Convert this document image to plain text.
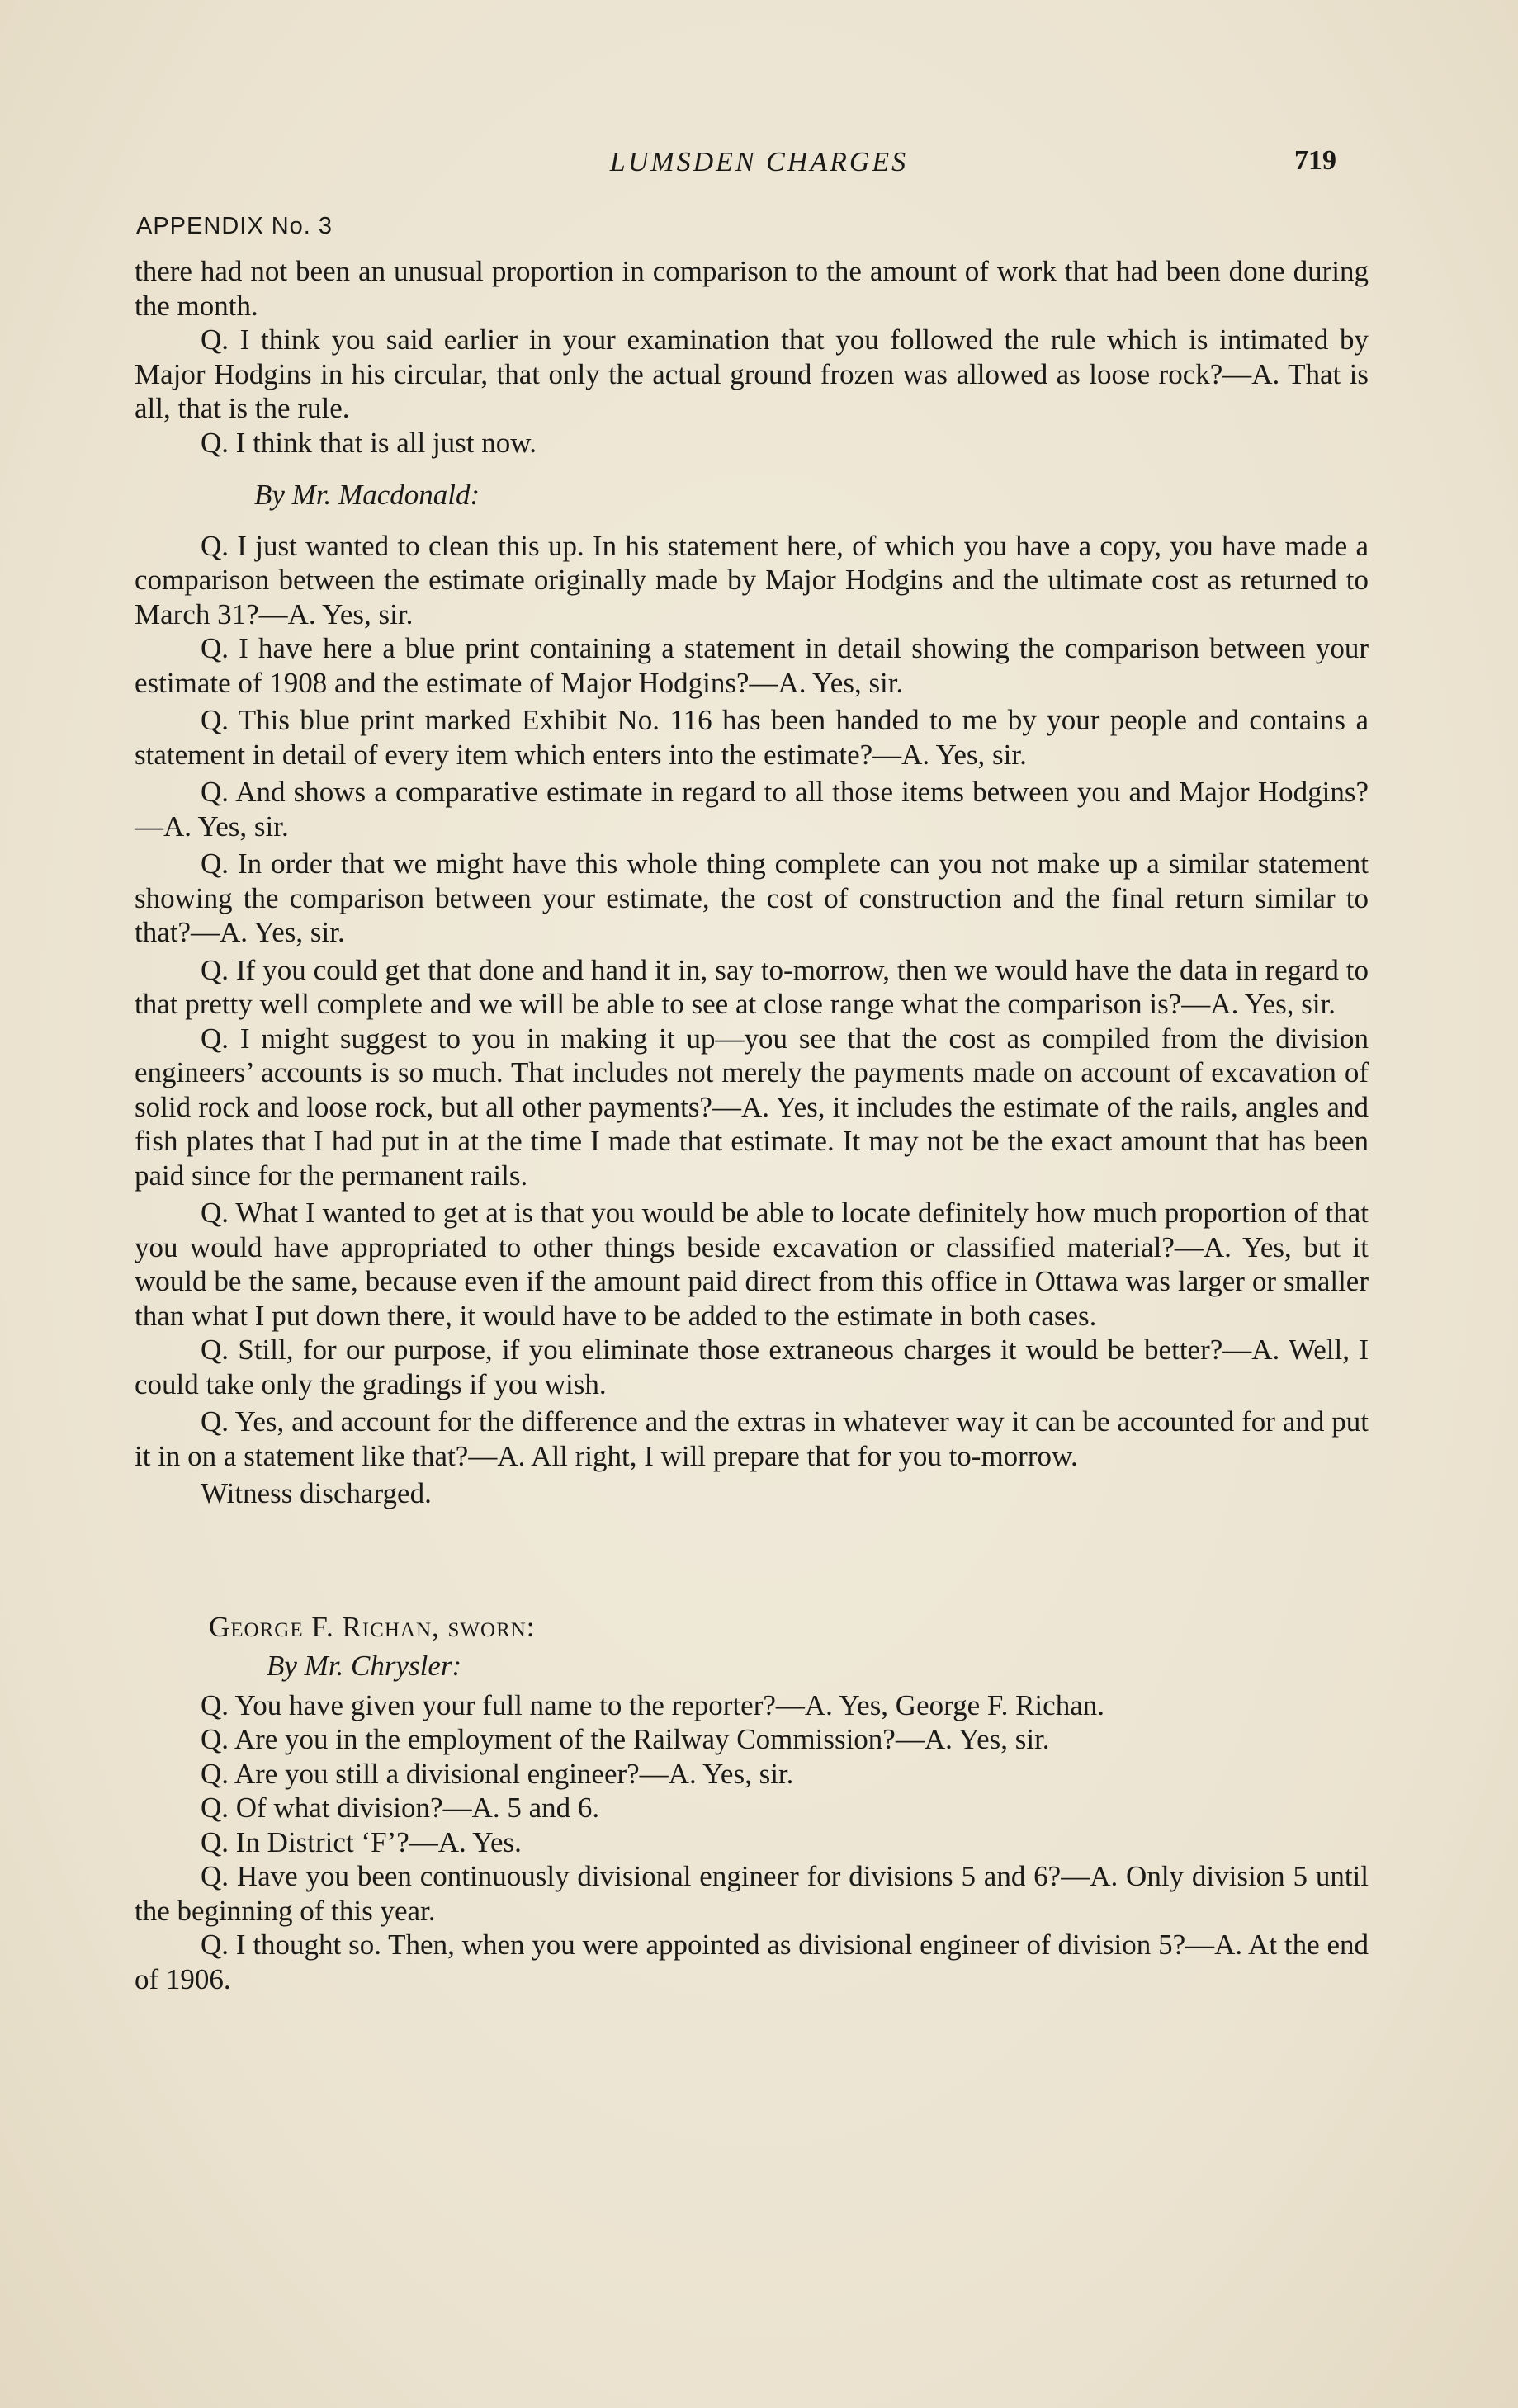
LUMSDEN CHARGES	719
APPENDIX No. 3

there had not been an unusual proportion in comparison to the amount of work that had been done during the month.

Q. I think you said earlier in your examination that you followed the rule which is intimated by Major Hodgins in his circular, that only the actual ground frozen was allowed as loose rock?—A. That is all, that is the rule.

Q. I think that is all just now.

By Mr. Macdonald:

Q. I just wanted to clean this up. In his statement here, of which you have a copy, you have made a comparison between the estimate originally made by Major Hodgins and the ultimate cost as returned to March 31?—A. Yes, sir.

Q. I have here a blue print containing a statement in detail showing the comparison between your estimate of 1908 and the estimate of Major Hodgins?—A. Yes, sir.

Q. This blue print marked Exhibit No. 116 has been handed to me by your people and contains a statement in detail of every item which enters into the estimate?—A. Yes, sir.

Q. And shows a comparative estimate in regard to all those items between you and Major Hodgins?—A. Yes, sir.

Q. In order that we might have this whole thing complete can you not make up a similar statement showing the comparison between your estimate, the cost of construction and the final return similar to that?—A. Yes, sir.

Q. If you could get that done and hand it in, say to-morrow, then we would have the data in regard to that pretty well complete and we will be able to see at close range what the comparison is?—A. Yes, sir.

Q. I might suggest to you in making it up—you see that the cost as compiled from the division engineers’ accounts is so much. That includes not merely the payments made on account of excavation of solid rock and loose rock, but all other payments?—A. Yes, it includes the estimate of the rails, angles and fish plates that I had put in at the time I made that estimate. It may not be the exact amount that has been paid since for the permanent rails.

Q. What I wanted to get at is that you would be able to locate definitely how much proportion of that you would have appropriated to other things beside excavation or classified material?—A. Yes, but it would be the same, because even if the amount paid direct from this office in Ottawa was larger or smaller than what I put down there, it would have to be added to the estimate in both cases.

Q. Still, for our purpose, if you eliminate those extraneous charges it would be better?—A. Well, I could take only the gradings if you wish.

Q. Yes, and account for the difference and the extras in whatever way it can be accounted for and put it in on a statement like that?—A. All right, I will prepare that for you to-morrow.

Witness discharged.

George F. Richan, sworn:

By Mr. Chrysler:

Q. You have given your full name to the reporter?—A. Yes, George F. Richan.

Q. Are you in the employment of the Railway Commission?—A. Yes, sir.

Q. Are you still a divisional engineer?—A. Yes, sir.

Q. Of what division?—A. 5 and 6.

Q. In District ‘F’?—A. Yes.

Q. Have you been continuously divisional engineer for divisions 5 and 6?—A. Only division 5 until the beginning of this year.

Q. I thought so. Then, when you were appointed as divisional engineer of division 5?—A. At the end of 1906.
